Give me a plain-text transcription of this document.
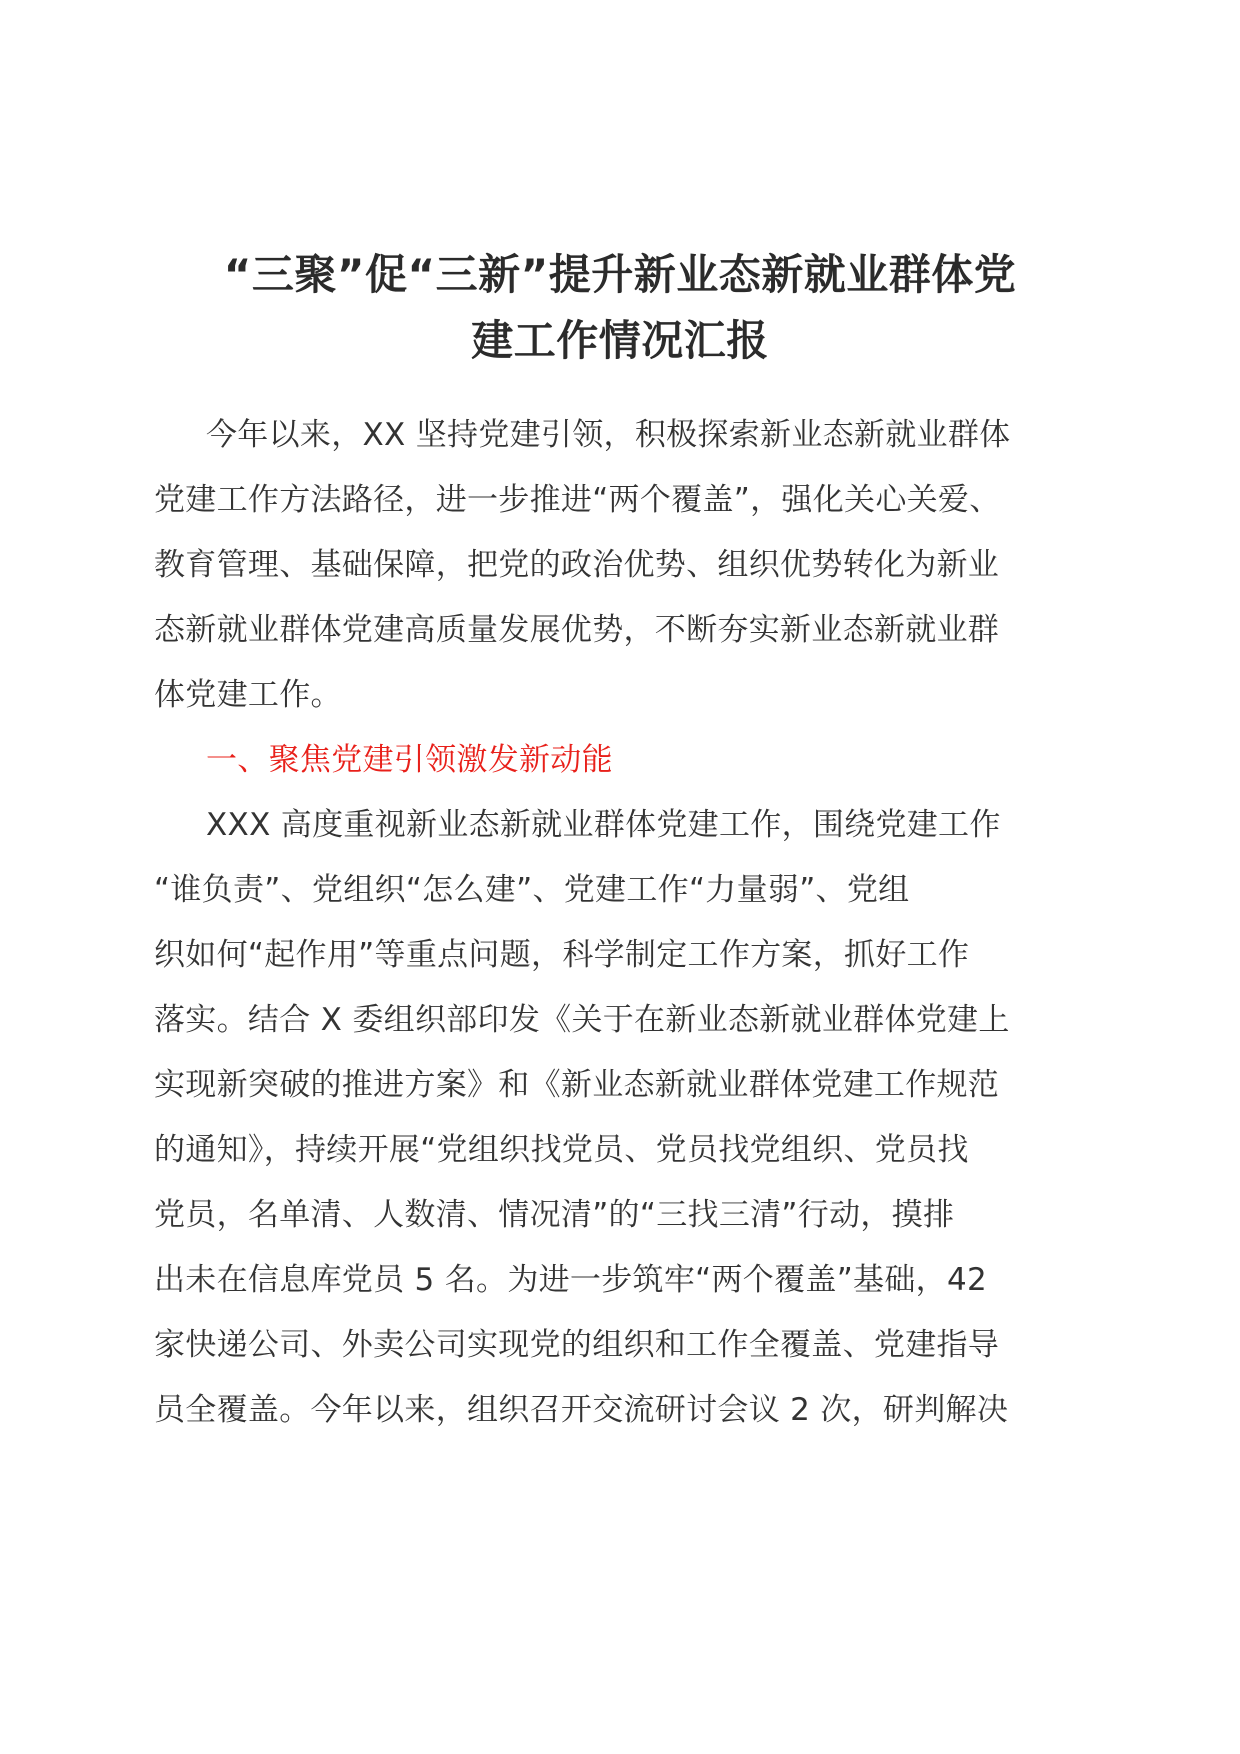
“三聚”促“三新”提升新业态新就业群体党
建工作情况汇报

今年以来，XX 坚持党建引领，积极探索新业态新就业群体
党建工作方法路径，进一步推进“两个覆盖”，强化关心关爱、
教育管理、基础保障，把党的政治优势、组织优势转化为新业
态新就业群体党建高质量发展优势，不断夯实新业态新就业群
体党建工作。

一、聚焦党建引领激发新动能

XXX 高度重视新业态新就业群体党建工作，围绕党建工作
“谁负责”、党组织“怎么建”、党建工作“力量弱”、党组
织如何“起作用”等重点问题，科学制定工作方案，抓好工作
落实。结合 X 委组织部印发《关于在新业态新就业群体党建上
实现新突破的推进方案》和《新业态新就业群体党建工作规范
的通知》，持续开展“党组织找党员、党员找党组织、党员找
党员，名单清、人数清、情况清”的“三找三清”行动，摸排
出未在信息库党员 5 名。为进一步筑牢“两个覆盖”基础，42
家快递公司、外卖公司实现党的组织和工作全覆盖、党建指导
员全覆盖。今年以来，组织召开交流研讨会议 2 次，研判解决
